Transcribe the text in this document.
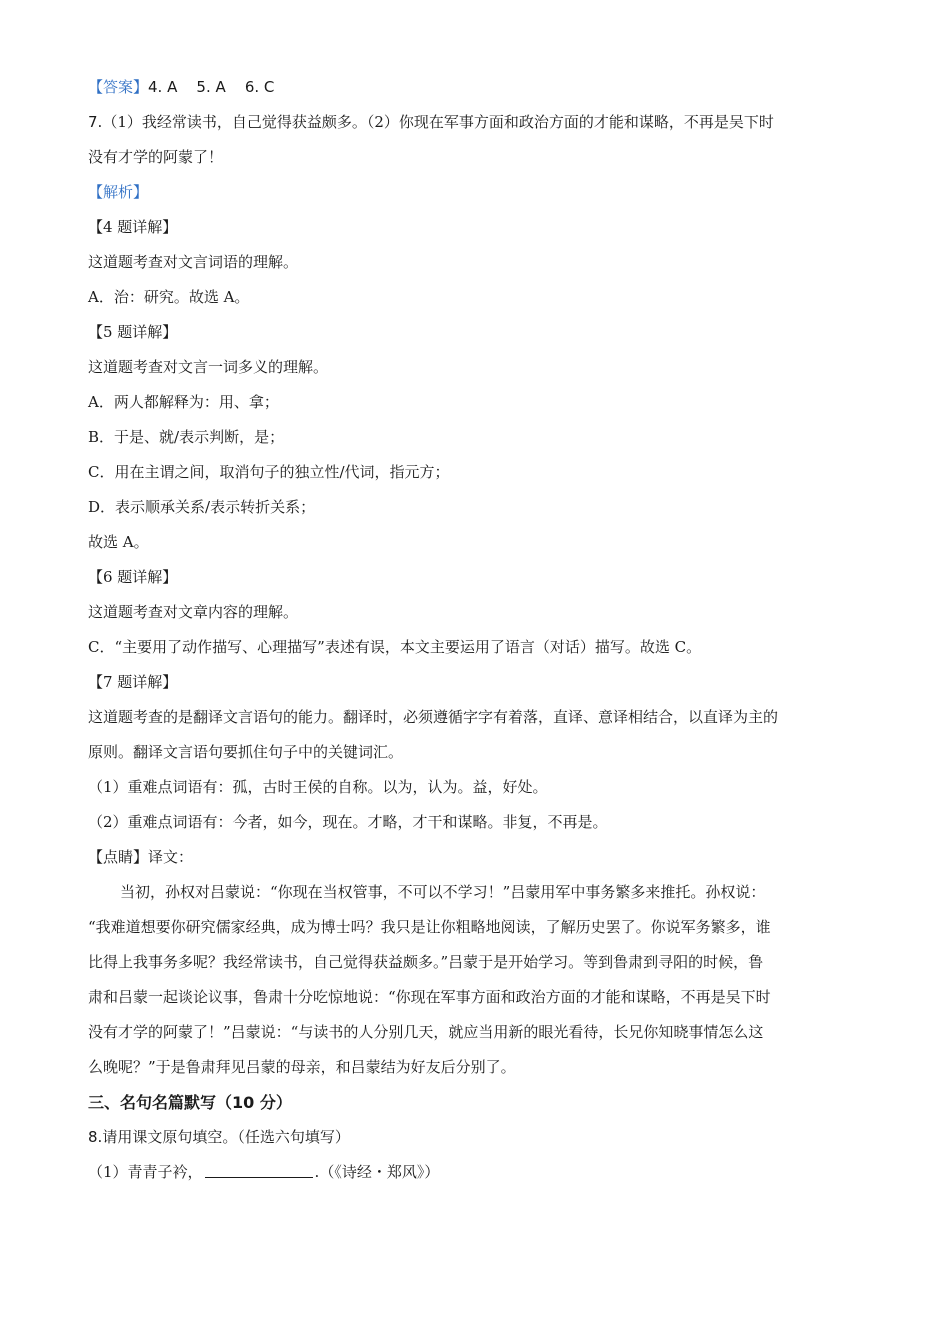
【答案】4. A    5. A    6. C
7.（1）我经常读书，自己觉得获益颇多。（2）你现在军事方面和政治方面的才能和谋略，不再是吴下时
没有才学的阿蒙了！
【解析】
【4 题详解】
这道题考查对文言词语的理解。
A．治：研究。故选 A。
【5 题详解】
这道题考查对文言一词多义的理解。
A．两人都解释为：用、拿；
B．于是、就/表示判断，是；
C．用在主谓之间，取消句子的独立性/代词，指元方；
D．表示顺承关系/表示转折关系；
故选 A。
【6 题详解】
这道题考查对文章内容的理解。
C．“主要用了动作描写、心理描写”表述有误，本文主要运用了语言（对话）描写。故选 C。
【7 题详解】
这道题考查的是翻译文言语句的能力。翻译时，必须遵循字字有着落，直译、意译相结合，以直译为主的
原则。翻译文言语句要抓住句子中的关键词汇。
（1）重难点词语有：孤，古时王侯的自称。以为，认为。益，好处。
（2）重难点词语有：今者，如今，现在。才略，才干和谋略。非复，不再是。
【点睛】译文：
当初，孙权对吕蒙说：“你现在当权管事，不可以不学习！”吕蒙用军中事务繁多来推托。孙权说：
“我难道想要你研究儒家经典，成为博士吗？我只是让你粗略地阅读，了解历史罢了。你说军务繁多，谁
比得上我事务多呢？我经常读书，自己觉得获益颇多。”吕蒙于是开始学习。等到鲁肃到寻阳的时候，鲁
肃和吕蒙一起谈论议事，鲁肃十分吃惊地说：“你现在军事方面和政治方面的才能和谋略，不再是吴下时
没有才学的阿蒙了！”吕蒙说：“与读书的人分别几天，就应当用新的眼光看待，长兄你知晓事情怎么这
么晚呢？”于是鲁肃拜见吕蒙的母亲，和吕蒙结为好友后分别了。
三、名句名篇默写（10 分）
8.请用课文原句填空。（任选六句填写）
（1）青青子衿，	.（《诗经・郑风》）
